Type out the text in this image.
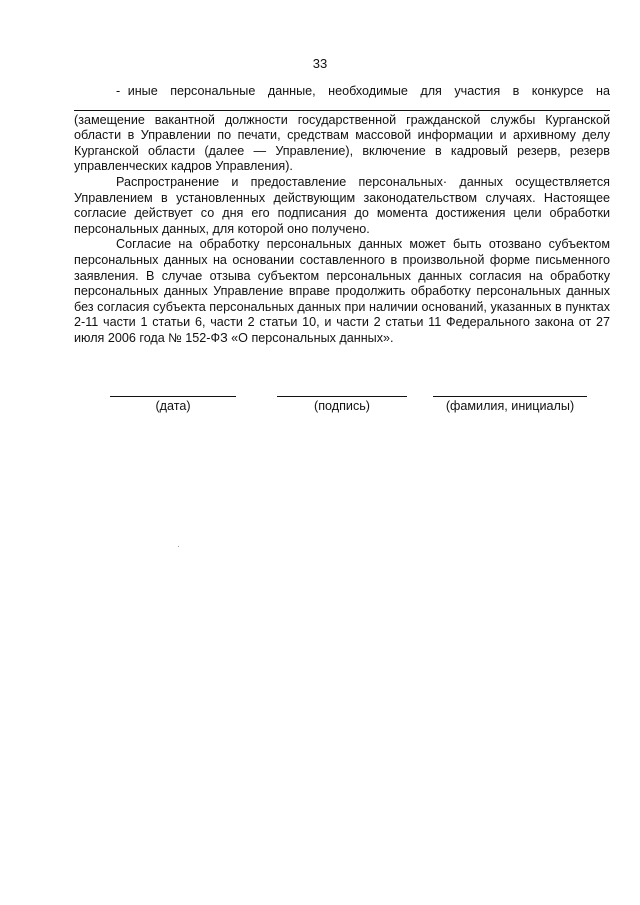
33
- иные персональные данные, необходимые для участия в конкурсе на

(замещение вакантной должности государственной гражданской службы Курганской области в Управлении по печати, средствам массовой информации и архивному делу Курганской области (далее — Управление), включение в кадровый резерв, резерв управленческих кадров Управления).

Распространение и предоставление персональных· данных осуществляется Управлением в установленных действующим законодательством случаях. Настоящее согласие действует со дня его подписания до момента достижения цели обработки персональных данных, для которой оно получено.

Согласие на обработку персональных данных может быть отозвано субъектом персональных данных на основании составленного в произвольной форме письменного заявления. В случае отзыва субъектом персональных данных согласия на обработку персональных данных Управление вправе продолжить обработку персональных данных без согласия субъекта персональных данных при наличии оснований, указанных в пунктах 2-11 части 1 статьи 6, части 2 статьи 10, и части 2 статьи 11 Федерального закона от 27 июля 2006 года № 152-ФЗ «О персональных данных».

(дата)	(подпись)	(фамилия, инициалы)
